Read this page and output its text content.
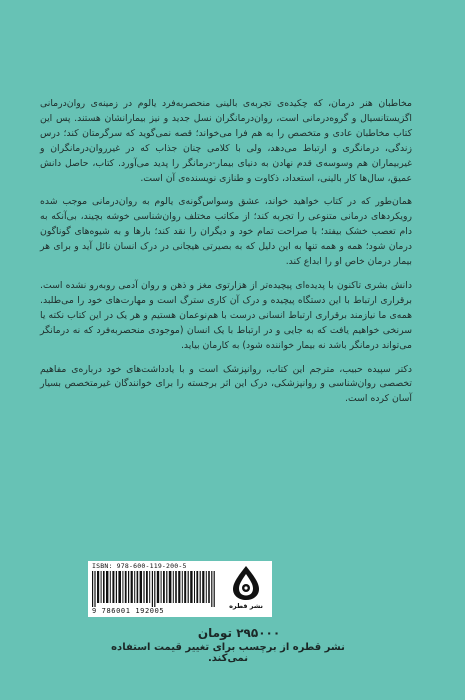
مخاطبان هنر درمان، که چکیده‌ی تجربه‌ی بالینی منحصربه‌فرد یالوم در زمینه‌ی روان‌درمانی اگزیستانسیال و گروه‌درمانی است، روان‌درمانگران نسل جدید و نیز بیمارانشان هستند. پس این کتاب مخاطبان عادی و متخصص را به هم فرا می‌خواند؛ قصه نمی‌گوید که سرگرمتان کند؛ درس زندگی، درمانگری و ارتباط می‌دهد، ولی با کلامی چنان جذاب که در غیرروان‌درمانگران و غیربیماران هم وسوسه‌ی قدم نهادن به دنیای بیمار-درمانگر را پدید می‌آورد. کتاب، حاصل دانش عمیق، سال‌ها کار بالینی، استعداد، ذکاوت و طنازی نویسنده‌ی آن است.

همان‌طور که در کتاب خواهید خواند، عشق وسواس‌گونه‌ی یالوم به روان‌درمانی موجب شده رویکردهای درمانی متنوعی را تجربه کند؛ از مکاتب مختلف روان‌شناسی خوشه بچیند، بی‌آنکه به دام تعصب خشک بیفتد؛ با صراحت تمام خود و دیگران را نقد کند؛ بارها و به شیوه‌های گوناگون درمان شود؛ همه و همه تنها به این دلیل که به بصیرتی هیجانی در درک انسان نائل آید و برای هر بیمار درمان خاص او را ابداع کند.

دانش بشری تاکنون با پدیده‌ای پیچیده‌تر از هزارتوی مغز و ذهن و روان آدمی روبه‌رو نشده است. برقراری ارتباط با این دستگاه پیچیده و درک آن کاری سترگ است و مهارت‌های خود را می‌طلبد. همه‌ی ما نیازمند برقراری ارتباط انسانی درست با هم‌نوعمان هستیم و هر یک در این کتاب نکته یا سرنخی خواهیم یافت که به جایی و در ارتباط با یک انسان (موجودی منحصربه‌فرد که نه درمانگر می‌تواند درمانگر باشد نه بیمار خواننده شود) به کارمان بیاید.

دکتر سپیده حبیب، مترجم این کتاب، روانپزشک است و با یادداشت‌های خود درباره‌ی مفاهیم تخصصی روان‌شناسی و روانپزشکی، درک این اثر برجسته را برای خوانندگان غیرمتخصص بسیار آسان کرده است.

ISBN: 978-600-119-200-5
9 786001 192005
نشر قطره
۲۹۵۰۰۰ تومان
نشر قطره از برچسب برای تغییر قیمت استفاده نمی‌کند.
